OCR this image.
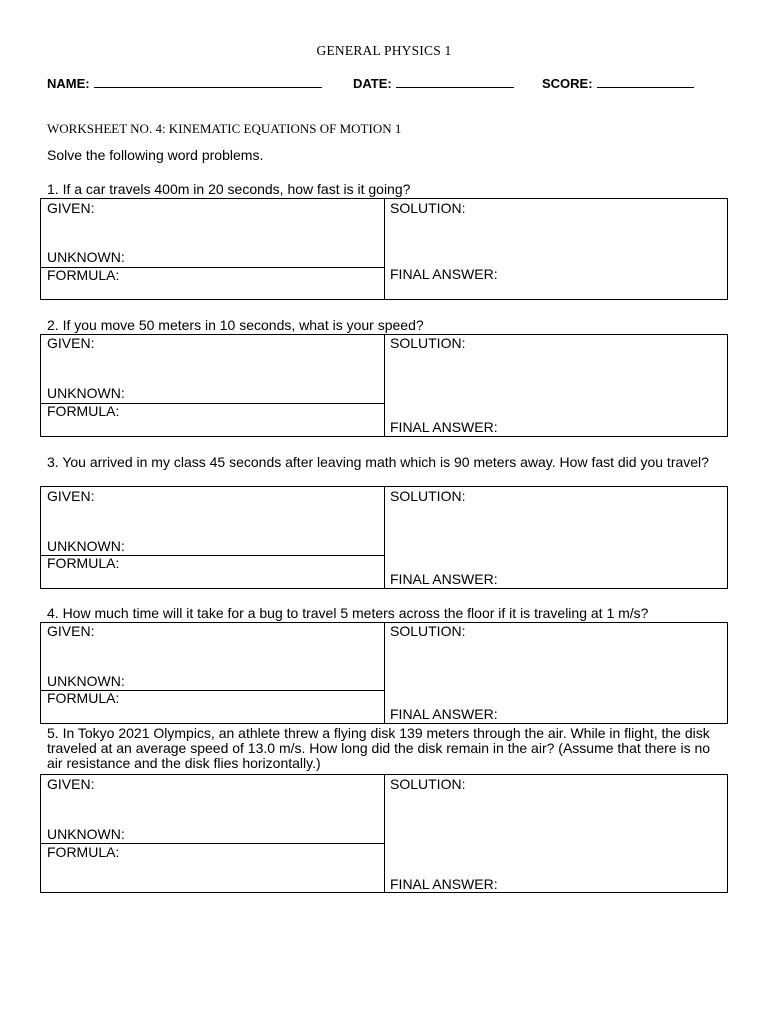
GENERAL PHYSICS 1
NAME:	DATE:	SCORE:
WORKSHEET NO. 4: KINEMATIC EQUATIONS OF MOTION 1
Solve the following word problems.
1. If a car travels 400m in 20 seconds, how fast is it going?
GIVEN:
UNKNOWN:
FORMULA:
SOLUTION:
FINAL ANSWER:
2. If you move 50 meters in 10 seconds, what is your speed?
GIVEN:
UNKNOWN:
FORMULA:
SOLUTION:
FINAL ANSWER:
3. You arrived in my class 45 seconds after leaving math which is 90 meters away. How fast did you travel?
GIVEN:
UNKNOWN:
FORMULA:
SOLUTION:
FINAL ANSWER:
4. How much time will it take for a bug to travel 5 meters across the floor if it is traveling at 1 m/s?
GIVEN:
UNKNOWN:
FORMULA:
SOLUTION:
FINAL ANSWER:
5. In Tokyo 2021 Olympics, an athlete threw a flying disk 139 meters through the air. While in flight, the disk traveled at an average speed of 13.0 m/s. How long did the disk remain in the air? (Assume that there is no air resistance and the disk flies horizontally.)
GIVEN:
UNKNOWN:
FORMULA:
SOLUTION:
FINAL ANSWER:
